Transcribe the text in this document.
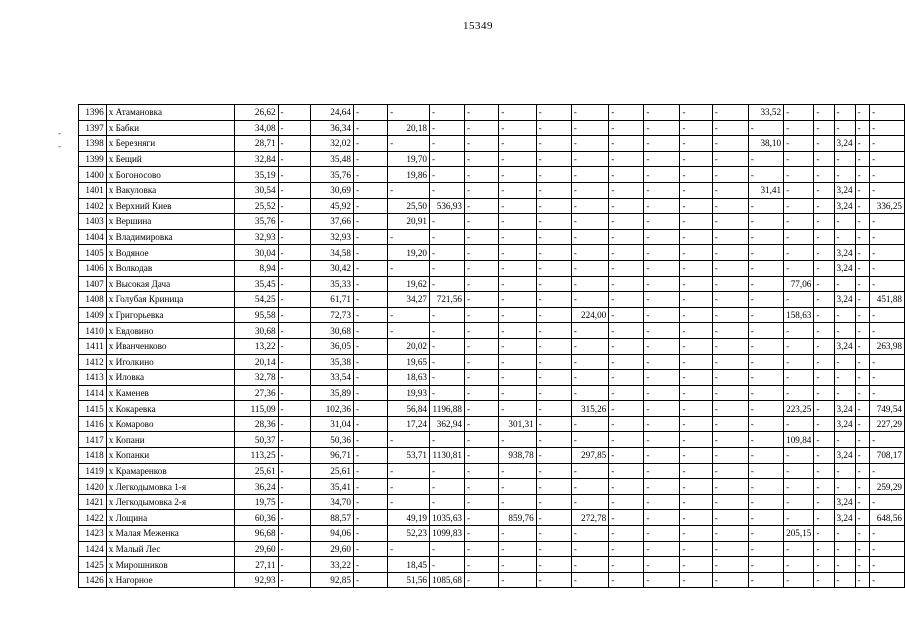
15349
-
-
1396	х Атамановка	26,62	-	24,64	-	-	-	-	-	-	-	-	-	-	-	33,52	-	-	-	-	-
1397	х Бабки	34,08	-	36,34	-	20,18	-	-	-	-	-	-	-	-	-	-	-	-	-	-	-
1398	х Березняги	28,71	-	32,02	-	-	-	-	-	-	-	-	-	-	-	38,10	-	-	3,24	-	-
1399	х Бещий	32,84	-	35,48	-	19,70	-	-	-	-	-	-	-	-	-	-	-	-	-	-	-
1400	х Богоносово	35,19	-	35,76	-	19,86	-	-	-	-	-	-	-	-	-	-	-	-	-	-	-
1401	х Вакуловка	30,54	-	30,69	-	-	-	-	-	-	-	-	-	-	-	31,41	-	-	3,24	-	-
1402	х Верхний Киев	25,52	-	45,92	-	25,50	536,93	-	-	-	-	-	-	-	-	-	-	-	3,24	-	336,25
1403	х Вершина	35,76	-	37,66	-	20,91	-	-	-	-	-	-	-	-	-	-	-	-	-	-	-
1404	х Владимировка	32,93	-	32,93	-	-	-	-	-	-	-	-	-	-	-	-	-	-	-	-	-
1405	х Водяное	30,04	-	34,58	-	19,20	-	-	-	-	-	-	-	-	-	-	-	-	3,24	-	-
1406	х Волкодав	8,94	-	30,42	-	-	-	-	-	-	-	-	-	-	-	-	-	-	3,24	-	-
1407	х Высокая Дача	35,45	-	35,33	-	19,62	-	-	-	-	-	-	-	-	-	-	77,06	-	-	-	-
1408	х Голубая Криница	54,25	-	61,71	-	34,27	721,56	-	-	-	-	-	-	-	-	-	-	-	3,24	-	451,88
1409	х Григорьевка	95,58	-	72,73	-	-	-	-	-	-	224,00	-	-	-	-	-	158,63	-	-	-	-
1410	х Евдовино	30,68	-	30,68	-	-	-	-	-	-	-	-	-	-	-	-	-	-	-	-	-
1411	х Иванченково	13,22	-	36,05	-	20,02	-	-	-	-	-	-	-	-	-	-	-	-	3,24	-	263,98
1412	х Иголкино	20,14	-	35,38	-	19,65	-	-	-	-	-	-	-	-	-	-	-	-	-	-	-
1413	х Иловка	32,78	-	33,54	-	18,63	-	-	-	-	-	-	-	-	-	-	-	-	-	-	-
1414	х Каменев	27,36	-	35,89	-	19,93	-	-	-	-	-	-	-	-	-	-	-	-	-	-	-
1415	х Кокаревка	115,09	-	102,36	-	56,84	1196,88	-	-	-	315,26	-	-	-	-	-	223,25	-	3,24	-	749,54
1416	х Комарово	28,36	-	31,04	-	17,24	362,94	-	301,31	-	-	-	-	-	-	-	-	-	3,24	-	227,29
1417	х Копани	50,37	-	50,36	-	-	-	-	-	-	-	-	-	-	-	-	109,84	-	-	-	-
1418	х Копанки	113,25	-	96,71	-	53,71	1130,81	-	938,78	-	297,85	-	-	-	-	-	-	-	3,24	-	708,17
1419	х Крамаренков	25,61	-	25,61	-	-	-	-	-	-	-	-	-	-	-	-	-	-	-	-	-
1420	х Легкодымовка 1-я	36,24	-	35,41	-	-	-	-	-	-	-	-	-	-	-	-	-	-	-	-	259,29
1421	х Легкодымовка 2-я	19,75	-	34,70	-	-	-	-	-	-	-	-	-	-	-	-	-	-	3,24	-	-
1422	х Лощина	60,36	-	88,57	-	49,19	1035,63	-	859,76	-	272,78	-	-	-	-	-	-	-	3,24	-	648,56
1423	х Малая Меженка	96,68	-	94,06	-	52,23	1099,83	-	-	-	-	-	-	-	-	-	205,15	-	-	-	-
1424	х Малый Лес	29,60	-	29,60	-	-	-	-	-	-	-	-	-	-	-	-	-	-	-	-	-
1425	х Мирошников	27,11	-	33,22	-	18,45	-	-	-	-	-	-	-	-	-	-	-	-	-	-	-
1426	х Нагорное	92,93	-	92,85	-	51,56	1085,68	-	-	-	-	-	-	-	-	-	-	-	-	-	-
